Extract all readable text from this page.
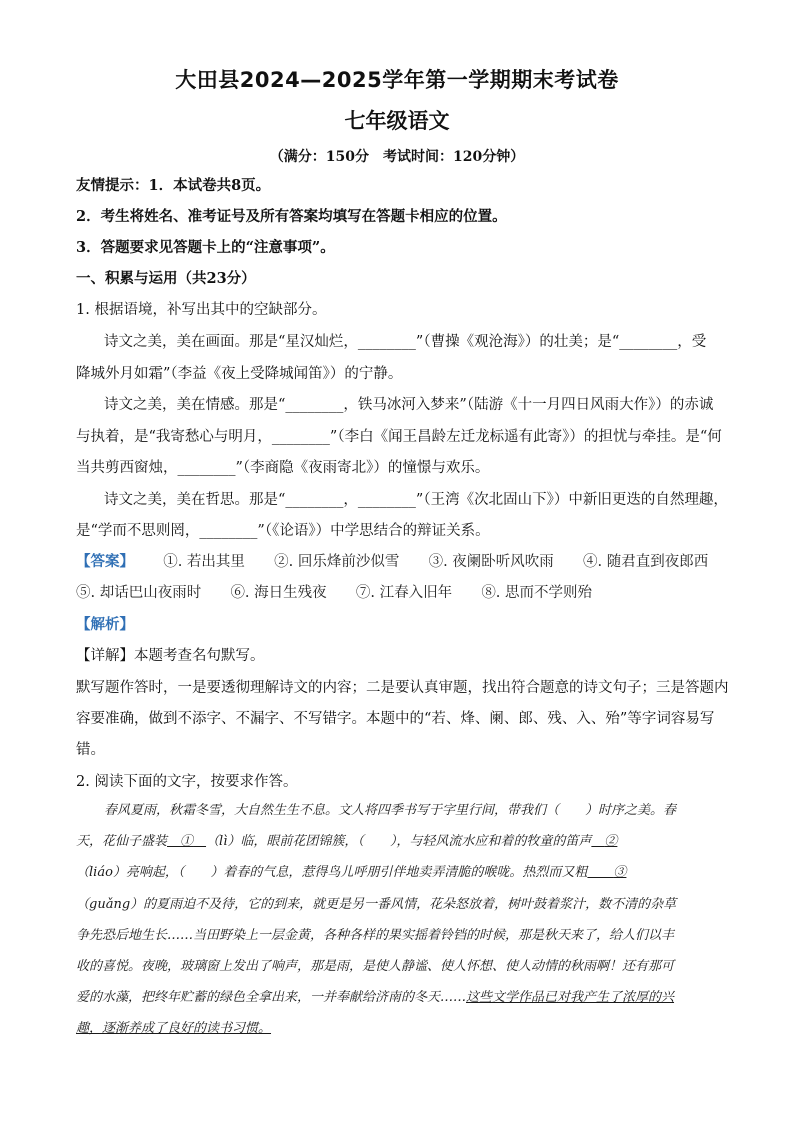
大田县2024—2025学年第一学期期末考试卷
七年级语文
（满分：150分　考试时间：120分钟）
友情提示：1．本试卷共8页。
2．考生将姓名、准考证号及所有答案均填写在答题卡相应的位置。
3．答题要求见答题卡上的“注意事项”。
一、积累与运用（共23分）
1. 根据语境，补写出其中的空缺部分。
诗文之美，美在画面。那是“星汉灿烂，________”（曹操《观沧海》）的壮美；是“________，受
降城外月如霜”（李益《夜上受降城闻笛》）的宁静。
诗文之美，美在情感。那是“________，铁马冰河入梦来”（陆游《十一月四日风雨大作》）的赤诚
与执着，是“我寄愁心与明月，________”（李白《闻王昌龄左迁龙标遥有此寄》）的担忧与牵挂。是“何
当共剪西窗烛，________”（李商隐《夜雨寄北》）的憧憬与欢乐。
诗文之美，美在哲思。那是“________，________”（王湾《次北固山下》）中新旧更迭的自然理趣，
是“学而不思则罔，________”（《论语》）中学思结合的辩证关系。
【答案】 ①. 若出其里 ②. 回乐烽前沙似雪 ③. 夜阑卧听风吹雨 ④. 随君直到夜郎西
⑤. 却话巴山夜雨时 ⑥. 海日生残夜 ⑦. 江春入旧年 ⑧. 思而不学则殆
【解析】
【详解】本题考查名句默写。
默写题作答时，一是要透彻理解诗文的内容；二是要认真审题，找出符合题意的诗文句子；三是答题内
容要准确，做到不添字、不漏字、不写错字。本题中的“若、烽、阑、郎、残、入、殆”等字词容易写
错。
2. 阅读下面的文字，按要求作答。
春风夏雨，秋霜冬雪，大自然生生不息。文人将四季书写于字里行间，带我们（　　）时序之美。春
天，花仙子盛装  ①  （lì）临，眼前花团锦簇，（　　），与轻风流水应和着的牧童的笛声  ②
（liáo）亮响起，（　　）着春的气息，惹得鸟儿呼朋引伴地卖弄清脆的喉咙。热烈而又粗   ③
（guǎng）的夏雨迫不及待，它的到来，就更是另一番风情，花朵怒放着，树叶鼓着浆汁，数不清的杂草
争先恐后地生长……当田野染上一层金黄，各种各样的果实摇着铃铛的时候，那是秋天来了，给人们以丰
收的喜悦。夜晚，玻璃窗上发出了响声，那是雨，是使人静谧、使人怀想、使人动情的秋雨啊！还有那可
爱的水藻，把终年贮蓄的绿色全拿出来，一并奉献给济南的冬天……这些文学作品已对我产生了浓厚的兴
趣，逐渐养成了良好的读书习惯。
